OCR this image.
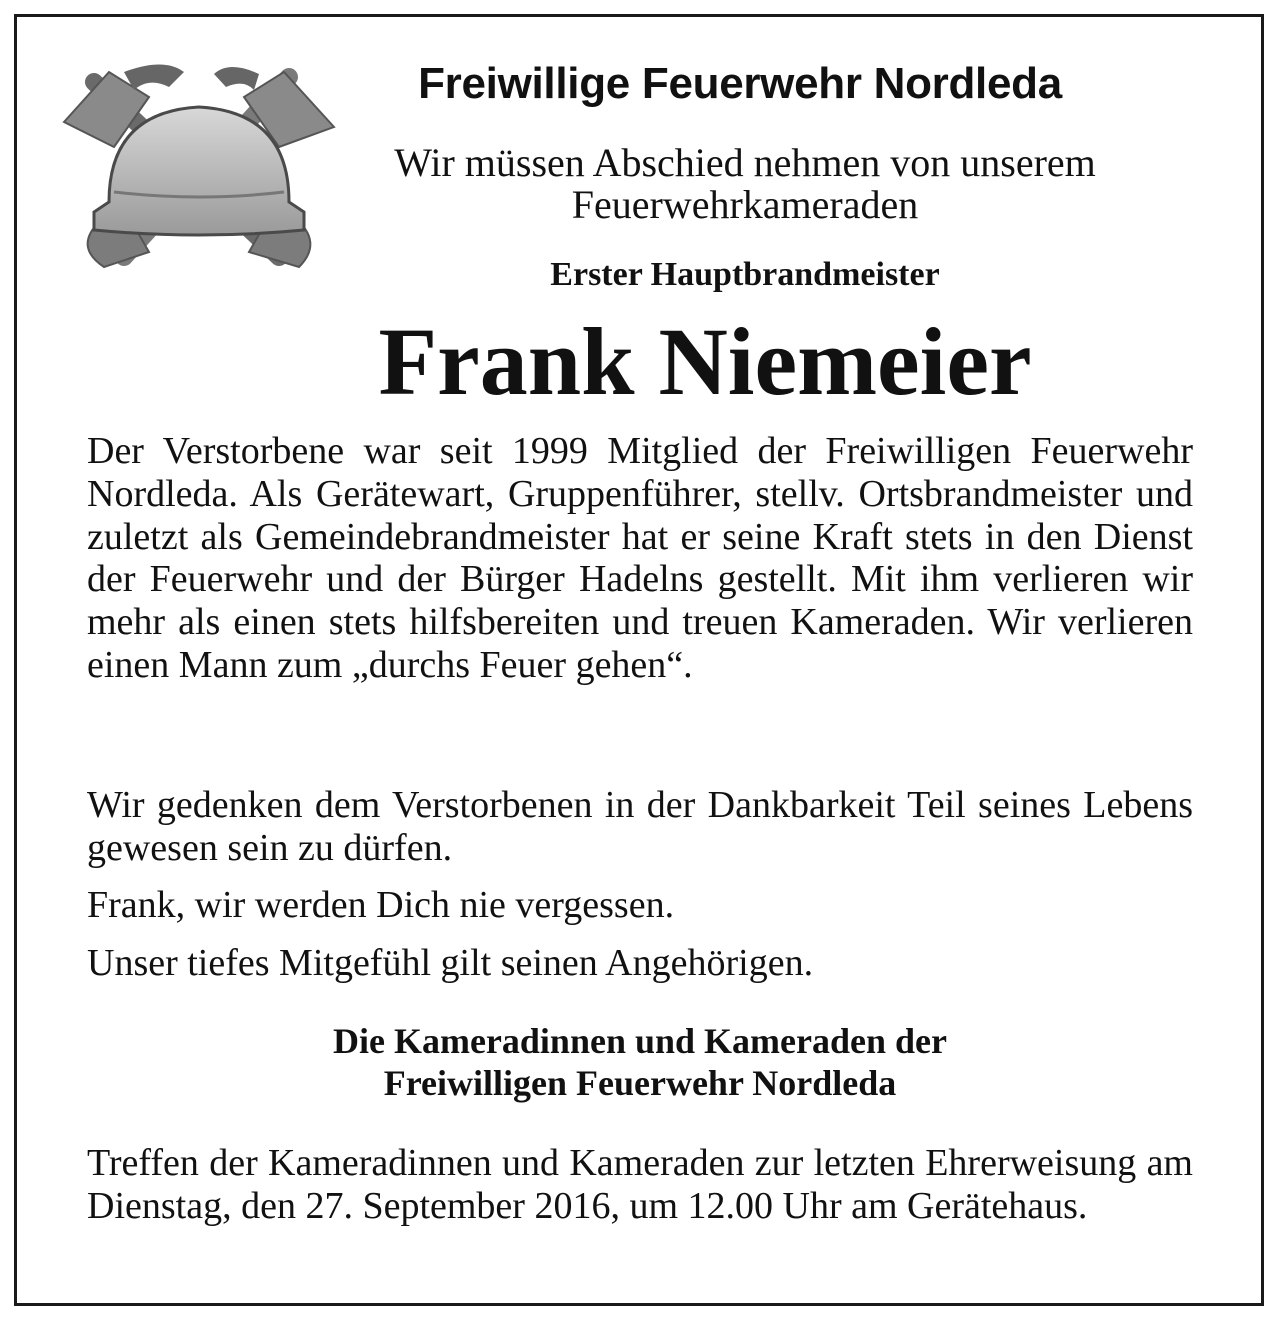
Freiwillige Feuerwehr Nordleda
Wir müssen Abschied nehmen von unserem
Feuerwehrkameraden
Erster Hauptbrandmeister
Frank Niemeier

Der Verstorbene war seit 1999 Mitglied der Freiwilligen Feuerwehr Nordleda. Als Gerätewart, Gruppenführer, stellv. Ortsbrandmeister und zuletzt als Gemeindebrandmeister hat er seine Kraft stets in den Dienst der Feuerwehr und der Bürger Hadelns gestellt. Mit ihm verlieren wir mehr als einen stets hilfsbereiten und treuen Kameraden. Wir verlieren einen Mann zum „durchs Feuer gehen“.

Wir gedenken dem Verstorbenen in der Dankbarkeit Teil seines Lebens gewesen sein zu dürfen.

Frank, wir werden Dich nie vergessen.

Unser tiefes Mitgefühl gilt seinen Angehörigen.

Die Kameradinnen und Kameraden der
Freiwilligen Feuerwehr Nordleda

Treffen der Kameradinnen und Kameraden zur letzten Ehrerweisung am Dienstag, den 27. September 2016, um 12.00 Uhr am Gerätehaus.
